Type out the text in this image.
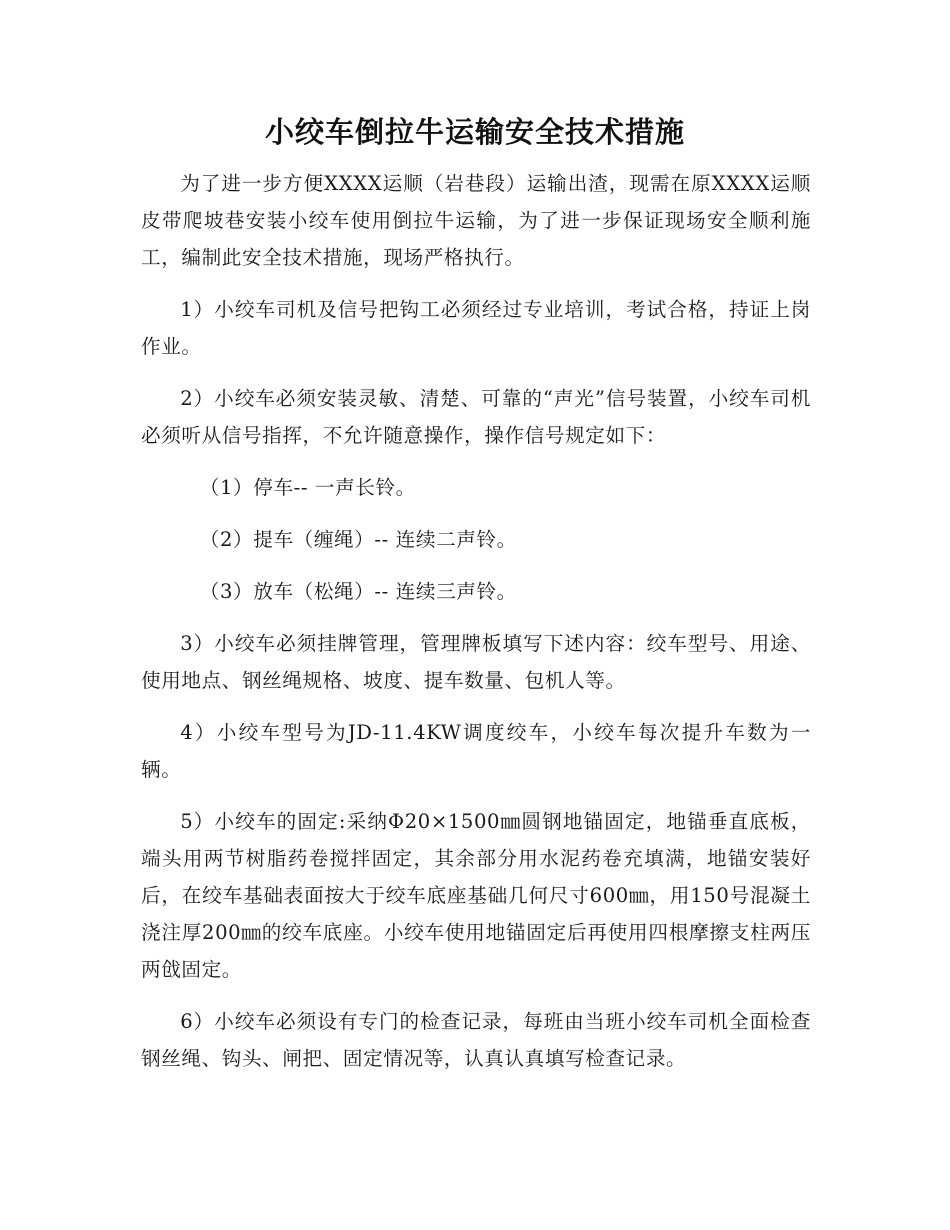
小绞车倒拉牛运输安全技术措施

为了进一步方便XXXX运顺（岩巷段）运输出渣，现需在原XXXX运顺皮带爬坡巷安装小绞车使用倒拉牛运输，为了进一步保证现场安全顺利施工，编制此安全技术措施，现场严格执行。

1）小绞车司机及信号把钩工必须经过专业培训，考试合格，持证上岗作业。

2）小绞车必须安装灵敏、清楚、可靠的“声光”信号装置，小绞车司机必须听从信号指挥，不允许随意操作，操作信号规定如下：

（1）停车-- 一声长铃。

（2）提车（缠绳）-- 连续二声铃。

（3）放车（松绳）-- 连续三声铃。

3）小绞车必须挂牌管理，管理牌板填写下述内容：绞车型号、用途、使用地点、钢丝绳规格、坡度、提车数量、包机人等。

4）小绞车型号为JD-11.4KW调度绞车，小绞车每次提升车数为一辆。

5）小绞车的固定:采纳Φ20×1500㎜圆钢地锚固定，地锚垂直底板，端头用两节树脂药卷搅拌固定，其余部分用水泥药卷充填满，地锚安装好后，在绞车基础表面按大于绞车底座基础几何尺寸600㎜，用150号混凝土浇注厚200㎜的绞车底座。小绞车使用地锚固定后再使用四根摩擦支柱两压两戗固定。

6）小绞车必须设有专门的检查记录，每班由当班小绞车司机全面检查钢丝绳、钩头、闸把、固定情况等，认真认真填写检查记录。
